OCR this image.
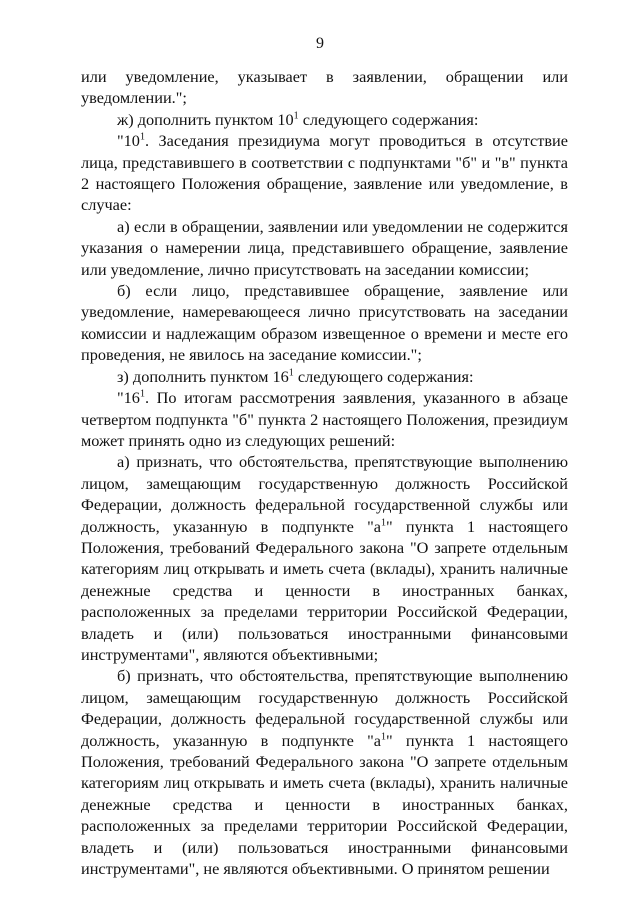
9

или уведомление, указывает в заявлении, обращении или уведомлении.";

ж) дополнить пунктом $10^1$ следующего содержания:

"$10^1$. Заседания президиума могут проводиться в отсутствие лица, представившего в соответствии с подпунктами "б" и "в" пункта 2 настоящего Положения обращение, заявление или уведомление, в случае:

а) если в обращении, заявлении или уведомлении не содержится указания о намерении лица, представившего обращение, заявление или уведомление, лично присутствовать на заседании комиссии;

б) если лицо, представившее обращение, заявление или уведомление, намеревающееся лично присутствовать на заседании комиссии и надлежащим образом извещенное о времени и месте его проведения, не явилось на заседание комиссии.";

з) дополнить пунктом $16^1$ следующего содержания:

"$16^1$. По итогам рассмотрения заявления, указанного в абзаце четвертом подпункта "б" пункта 2 настоящего Положения, президиум может принять одно из следующих решений:

а) признать, что обстоятельства, препятствующие выполнению лицом, замещающим государственную должность Российской Федерации, должность федеральной государственной службы или должность, указанную в подпункте "$а^1$" пункта 1 настоящего Положения, требований Федерального закона "О запрете отдельным категориям лиц открывать и иметь счета (вклады), хранить наличные денежные средства и ценности в иностранных банках, расположенных за пределами территории Российской Федерации, владеть и (или) пользоваться иностранными финансовыми инструментами", являются объективными;

б) признать, что обстоятельства, препятствующие выполнению лицом, замещающим государственную должность Российской Федерации, должность федеральной государственной службы или должность, указанную в подпункте "$а^1$" пункта 1 настоящего Положения, требований Федерального закона "О запрете отдельным категориям лиц открывать и иметь счета (вклады), хранить наличные денежные средства и ценности в иностранных банках, расположенных за пределами территории Российской Федерации, владеть и (или) пользоваться иностранными финансовыми инструментами", не являются объективными. О принятом решении
